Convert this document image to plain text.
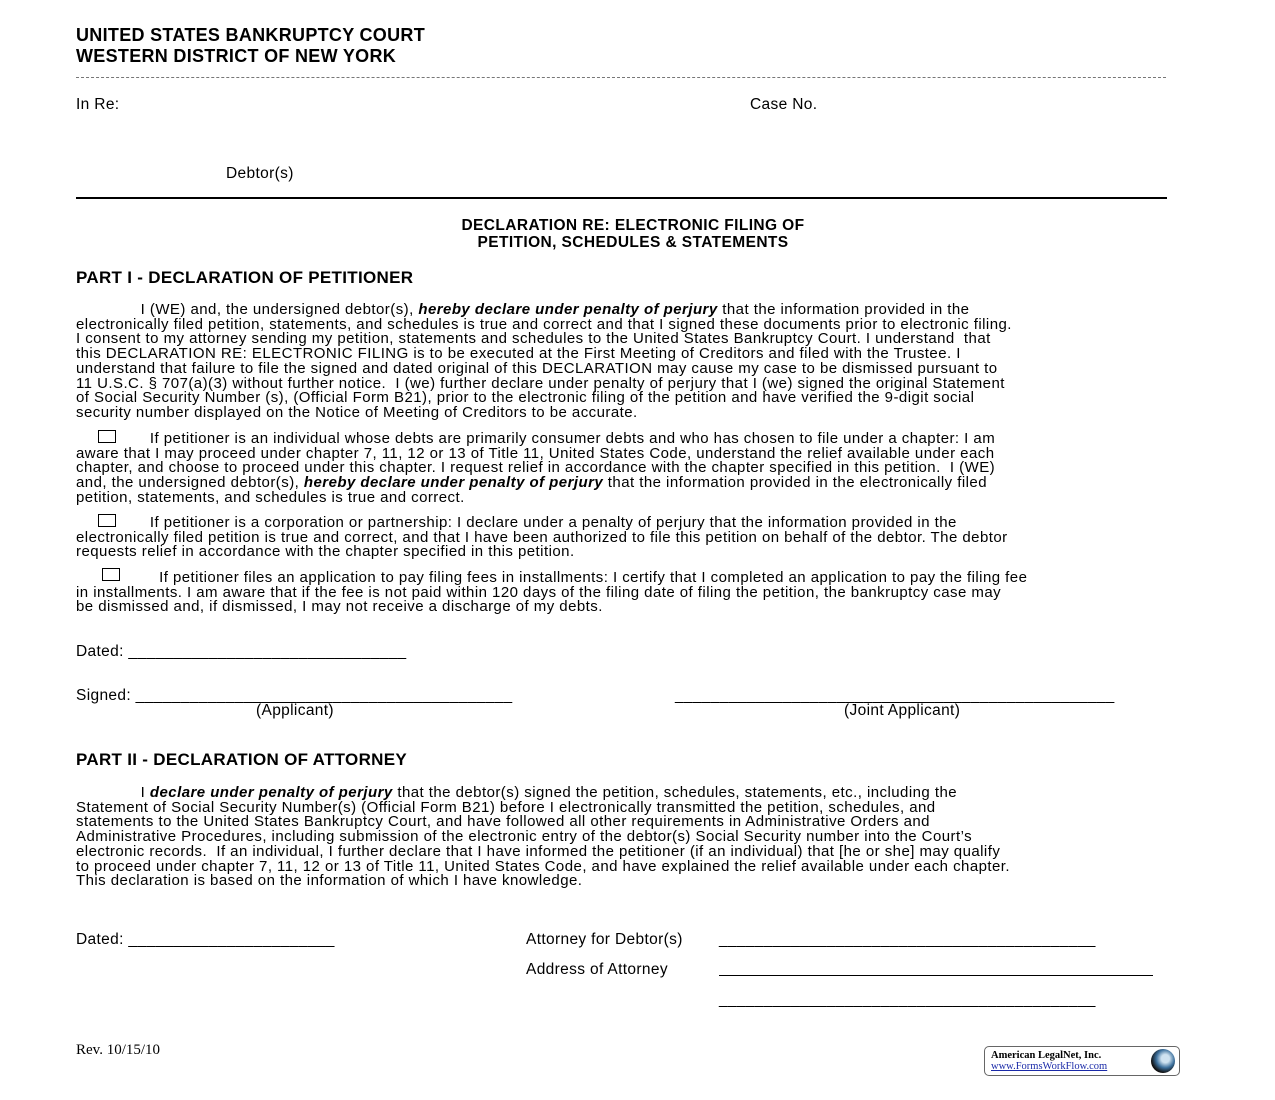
UNITED STATES BANKRUPTCY COURT
WESTERN DISTRICT OF NEW YORK
In Re:	Case No.
Debtor(s)
DECLARATION RE: ELECTRONIC FILING OF
PETITION, SCHEDULES & STATEMENTS
PART I - DECLARATION OF PETITIONER
I (WE) and, the undersigned debtor(s), hereby declare under penalty of perjury that the information provided in the
electronically filed petition, statements, and schedules is true and correct and that I signed these documents prior to electronic filing.
I consent to my attorney sending my petition, statements and schedules to the United States Bankruptcy Court. I understand  that
this DECLARATION RE: ELECTRONIC FILING is to be executed at the First Meeting of Creditors and filed with the Trustee. I
understand that failure to file the signed and dated original of this DECLARATION may cause my case to be dismissed pursuant to
11 U.S.C. § 707(a)(3) without further notice.  I (we) further declare under penalty of perjury that I (we) signed the original Statement
of Social Security Number (s), (Official Form B21), prior to the electronic filing of the petition and have verified the 9-digit social
security number displayed on the Notice of Meeting of Creditors to be accurate.
If petitioner is an individual whose debts are primarily consumer debts and who has chosen to file under a chapter: I am
aware that I may proceed under chapter 7, 11, 12 or 13 of Title 11, United States Code, understand the relief available under each
chapter, and choose to proceed under this chapter. I request relief in accordance with the chapter specified in this petition.  I (WE)
and, the undersigned debtor(s), hereby declare under penalty of perjury that the information provided in the electronically filed
petition, statements, and schedules is true and correct.
If petitioner is a corporation or partnership: I declare under a penalty of perjury that the information provided in the
electronically filed petition is true and correct, and that I have been authorized to file this petition on behalf of the debtor. The debtor
requests relief in accordance with the chapter specified in this petition.
If petitioner files an application to pay filing fees in installments: I certify that I completed an application to pay the filing fee
in installments. I am aware that if the fee is not paid within 120 days of the filing date of filing the petition, the bankruptcy case may
be dismissed and, if dismissed, I may not receive a discharge of my debts.
Dated: _______________________________
Signed: __________________________________________	_________________________________________________
(Applicant)	(Joint Applicant)
PART II - DECLARATION OF ATTORNEY
I declare under penalty of perjury that the debtor(s) signed the petition, schedules, statements, etc., including the
Statement of Social Security Number(s) (Official Form B21) before I electronically transmitted the petition, schedules, and
statements to the United States Bankruptcy Court, and have followed all other requirements in Administrative Orders and
Administrative Procedures, including submission of the electronic entry of the debtor(s) Social Security number into the Court’s
electronic records.  If an individual, I further declare that I have informed the petitioner (if an individual) that [he or she] may qualify
to proceed under chapter 7, 11, 12 or 13 of Title 11, United States Code, and have explained the relief available under each chapter.
This declaration is based on the information of which I have knowledge.
Dated: _______________________	Attorney for Debtor(s) __________________________________________
Address of Attorney
__________________________________________
Rev. 10/15/10	American LegalNet, Inc.
www.FormsWorkFlow.com
